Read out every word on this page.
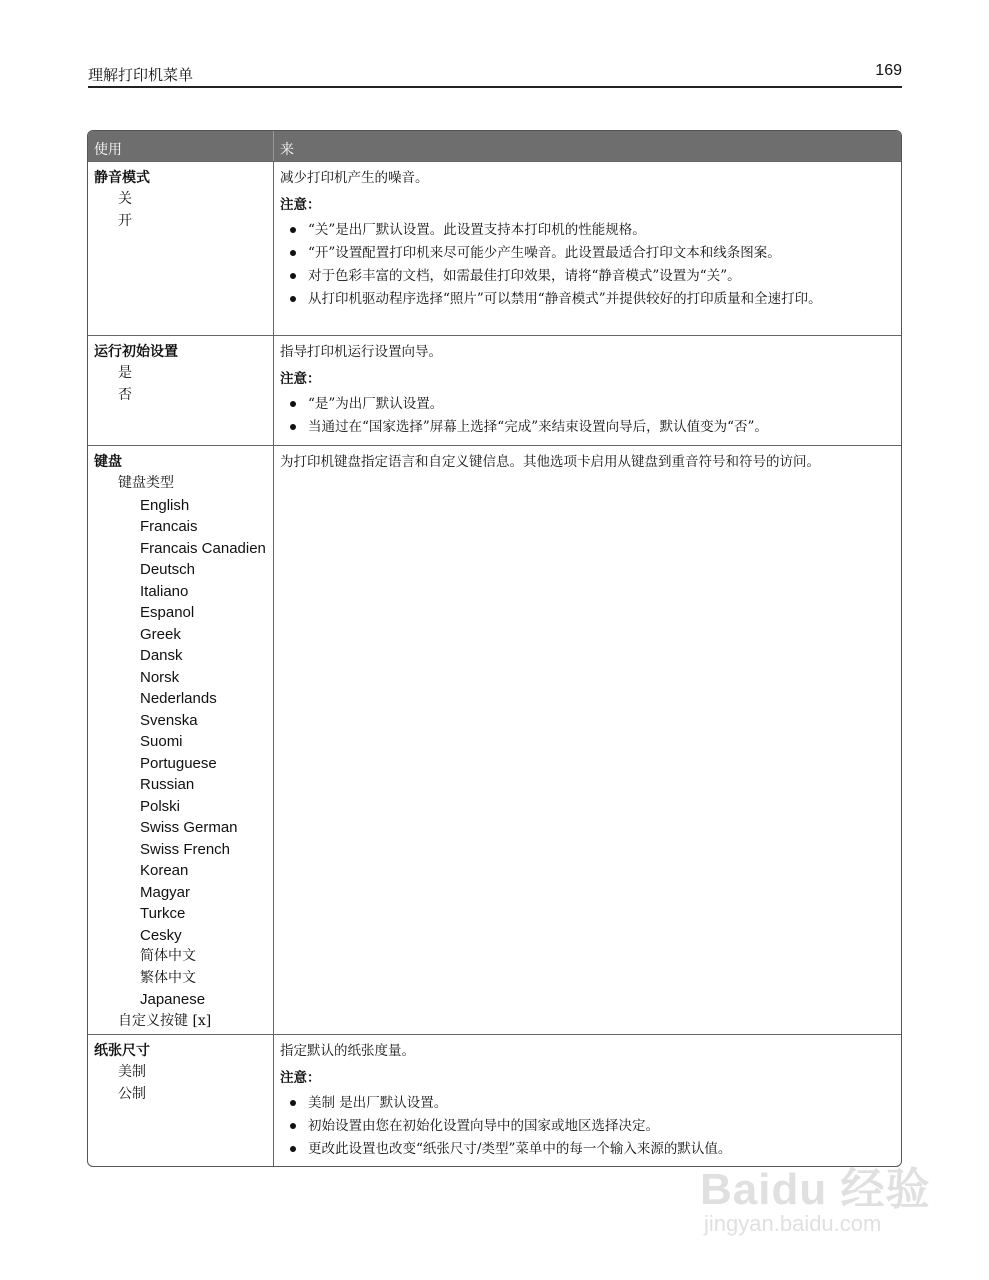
理解打印机菜单	169
使用	来
静音模式
关
开
减少打印机产生的噪音。
注意：
“关”是出厂默认设置。此设置支持本打印机的性能规格。
“开”设置配置打印机来尽可能少产生噪音。此设置最适合打印文本和线条图案。
对于色彩丰富的文档，如需最佳打印效果，请将“静音模式”设置为“关”。
从打印机驱动程序选择“照片”可以禁用“静音模式”并提供较好的打印质量和全速打印。
运行初始设置
是
否
指导打印机运行设置向导。
注意：
“是”为出厂默认设置。
当通过在“国家选择”屏幕上选择“完成”来结束设置向导后，默认值变为“否”。
键盘
键盘类型
English
Francais
Francais Canadien
Deutsch
Italiano
Espanol
Greek
Dansk
Norsk
Nederlands
Svenska
Suomi
Portuguese
Russian
Polski
Swiss German
Swiss French
Korean
Magyar
Turkce
Cesky
简体中文
繁体中文
Japanese
自定义按键 [x]
为打印机键盘指定语言和自定义键信息。其他选项卡启用从键盘到重音符号和符号的访问。
纸张尺寸
美制
公制
指定默认的纸张度量。
注意：
美制 是出厂默认设置。
初始设置由您在初始化设置向导中的国家或地区选择决定。
更改此设置也改变“纸张尺寸/类型”菜单中的每一个输入来源的默认值。
Baidu 经验
jingyan.baidu.com
